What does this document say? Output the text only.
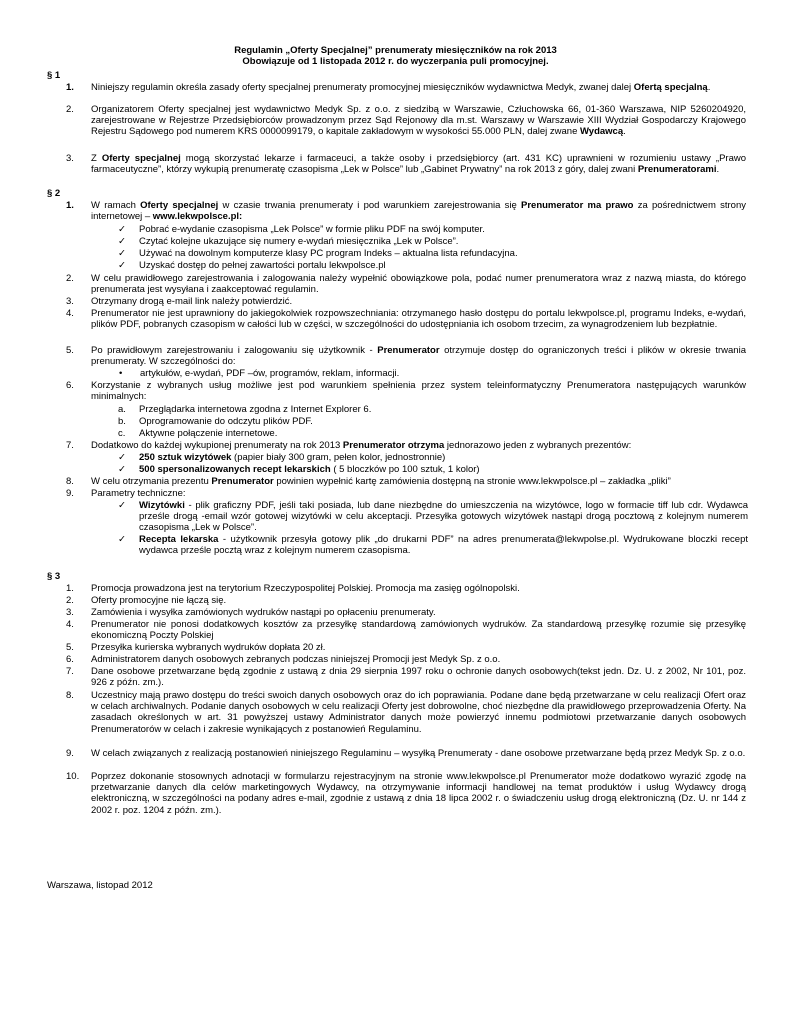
Regulamin „Oferty Specjalnej” prenumeraty miesięczników na rok 2013
Obowiązuje od 1 listopada 2012 r. do wyczerpania puli promocyjnej.
§ 1
1. Niniejszy regulamin określa zasady oferty specjalnej prenumeraty promocyjnej miesięczników wydawnictwa Medyk, zwanej dalej Ofertą specjalną.
2. Organizatorem Oferty specjalnej jest wydawnictwo Medyk Sp. z o.o. z siedzibą w Warszawie, Człuchowska 66, 01-360 Warszawa, NIP 5260204920, zarejestrowane w Rejestrze Przedsiębiorców prowadzonym przez Sąd Rejonowy dla m.st. Warszawy w Warszawie XIII Wydział Gospodarczy Krajowego Rejestru Sądowego pod numerem KRS 0000099179, o kapitale zakładowym w wysokości 55.000 PLN, dalej zwane Wydawcą.
3. Z Oferty specjalnej mogą skorzystać lekarze i farmaceuci, a także osoby i przedsiębiorcy (art. 431 KC) uprawnieni w rozumieniu ustawy „Prawo farmaceutyczne”, którzy wykupią prenumeratę czasopisma „Lek w Polsce” lub „Gabinet Prywatny” na rok 2013 z góry, dalej zwani Prenumeratorami.
§ 2
1. W ramach Oferty specjalnej w czasie trwania prenumeraty i pod warunkiem zarejestrowania się Prenumerator ma prawo za pośrednictwem strony internetowej – www.lekwpolsce.pl:
✓ Pobrać e-wydanie czasopisma „Lek Polsce” w formie pliku PDF na swój komputer.
✓ Czytać kolejne ukazujące się numery e-wydań miesięcznika „Lek w Polsce”.
✓ Używać na dowolnym komputerze klasy PC program Indeks – aktualna lista refundacyjna.
✓ Uzyskać dostęp do pełnej zawartości portalu lekwpolsce.pl
2. W celu prawidłowego zarejestrowania i zalogowania należy wypełnić obowiązkowe pola, podać numer prenumeratora wraz z nazwą miasta, do którego prenumerata jest wysyłana i zaakceptować regulamin.
3. Otrzymany drogą e-mail link należy potwierdzić.
4. Prenumerator nie jest uprawniony do jakiegokolwiek rozpowszechniania: otrzymanego hasło dostępu do portalu lekwpolsce.pl, programu Indeks, e-wydań, plików PDF, pobranych czasopism w całości lub w części, w szczególności do udostępniania ich osobom trzecim, za wynagrodzeniem lub bezpłatnie.
5. Po prawidłowym zarejestrowaniu i zalogowaniu się użytkownik - Prenumerator otrzymuje dostęp do ograniczonych treści i plików w okresie trwania prenumeraty. W szczególności do:
• artykułów, e-wydań, PDF –ów, programów, reklam, informacji.
6. Korzystanie z wybranych usług możliwe jest pod warunkiem spełnienia przez system teleinformatyczny Prenumeratora następujących warunków minimalnych:
a. Przeglądarka internetowa zgodna z Internet Explorer 6.
b. Oprogramowanie do odczytu plików PDF.
c. Aktywne połączenie internetowe.
7. Dodatkowo do każdej wykupionej prenumeraty na rok 2013 Prenumerator otrzyma jednorazowo jeden z wybranych prezentów:
✓ 250 sztuk wizytówek (papier biały 300 gram, pełen kolor, jednostronnie)
✓ 500 spersonalizowanych recept lekarskich ( 5 bloczków po 100 sztuk, 1 kolor)
8. W celu otrzymania prezentu Prenumerator powinien wypełnić kartę zamówienia dostępną na stronie www.lekwpolsce.pl – zakładka „pliki”
9. Parametry techniczne:
✓ Wizytówki - plik graficzny PDF, jeśli taki posiada, lub dane niezbędne do umieszczenia na wizytówce, logo w formacie tiff lub cdr. Wydawca prześle drogą -email wzór gotowej wizytówki w celu akceptacji. Przesyłka gotowych wizytówek nastąpi drogą pocztową z kolejnym numerem czasopisma „Lek w Polsce”.
✓ Recepta lekarska - użytkownik przesyła gotowy plik „do drukarni PDF” na adres prenumerata@lekwpolse.pl. Wydrukowane bloczki recept wydawca prześle pocztą wraz z kolejnym numerem czasopisma.
§ 3
1. Promocja prowadzona jest na terytorium Rzeczypospolitej Polskiej. Promocja ma zasięg ogólnopolski.
2. Oferty promocyjne nie łączą się.
3. Zamówienia i wysyłka zamówionych wydruków nastąpi po opłaceniu prenumeraty.
4. Prenumerator nie ponosi dodatkowych kosztów za przesyłkę standardową zamówionych wydruków. Za standardową przesyłkę rozumie się przesyłkę ekonomiczną Poczty Polskiej
5. Przesyłka kurierska wybranych wydruków dopłata 20 zł.
6. Administratorem danych osobowych zebranych podczas niniejszej Promocji jest Medyk Sp. z o.o.
7. Dane osobowe przetwarzane będą zgodnie z ustawą z dnia 29 sierpnia 1997 roku o ochronie danych osobowych(tekst jedn. Dz. U. z 2002, Nr 101, poz. 926 z późn. zm.).
8. Uczestnicy mają prawo dostępu do treści swoich danych osobowych oraz do ich poprawiania. Podane dane będą przetwarzane w celu realizacji Ofert oraz w celach archiwalnych. Podanie danych osobowych w celu realizacji Oferty jest dobrowolne, choć niezbędne dla prawidłowego przeprowadzenia Oferty. Na zasadach określonych w art. 31 powyższej ustawy Administrator danych może powierzyć innemu podmiotowi przetwarzanie danych osobowych Prenumeratorów w celach i zakresie wynikających z postanowień Regulaminu.
9. W celach związanych z realizacją postanowień niniejszego Regulaminu – wysyłką Prenumeraty - dane osobowe przetwarzane będą przez Medyk Sp. z o.o.
10. Poprzez dokonanie stosownych adnotacji w formularzu rejestracyjnym na stronie www.lekwpolsce.pl Prenumerator może dodatkowo wyrazić zgodę na przetwarzanie danych dla celów marketingowych Wydawcy, na otrzymywanie informacji handlowej na temat produktów i usług Wydawcy drogą elektroniczną, w szczególności na podany adres e-mail, zgodnie z ustawą z dnia 18 lipca 2002 r. o świadczeniu usług drogą elektroniczną (Dz. U. nr 144 z 2002 r. poz. 1204 z późn. zm.).
Warszawa, listopad 2012
